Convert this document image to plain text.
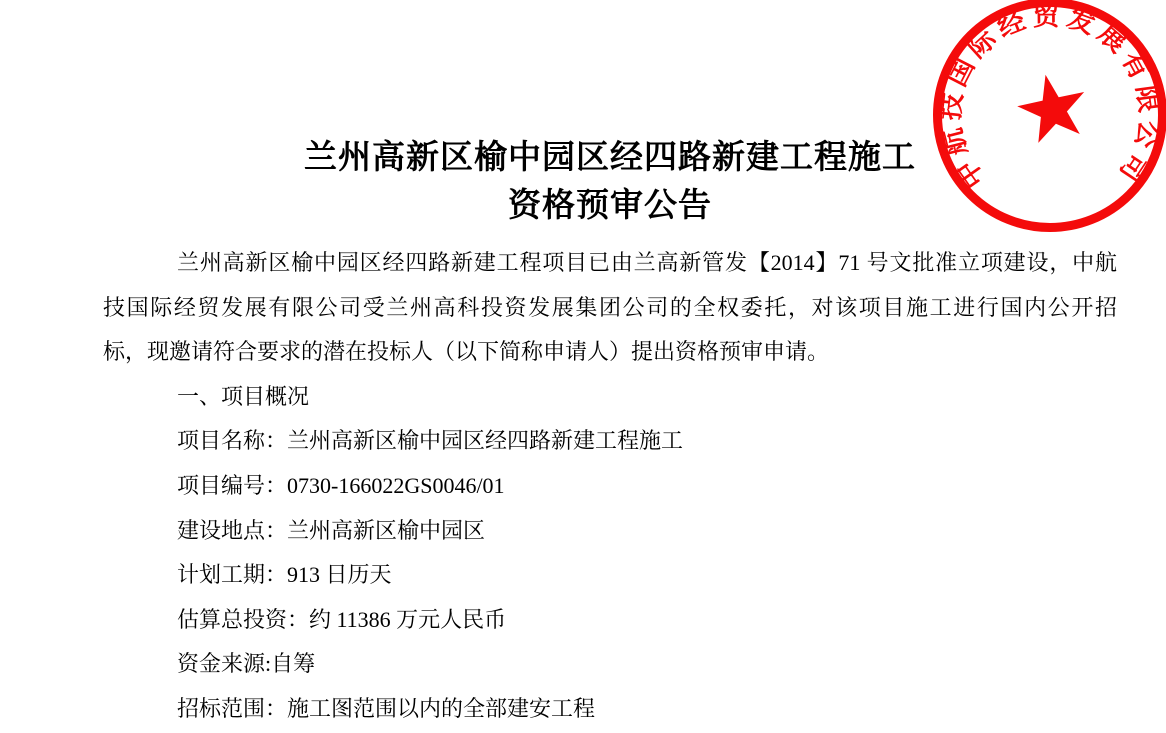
兰州高新区榆中园区经四路新建工程施工
资格预审公告
兰州高新区榆中园区经四路新建工程项目已由兰高新管发【2014】71 号文批准立项建设，中航
技国际经贸发展有限公司受兰州高科投资发展集团公司的全权委托，对该项目施工进行国内公开招
标，现邀请符合要求的潜在投标人（以下简称申请人）提出资格预审申请。
一、项目概况
项目名称：兰州高新区榆中园区经四路新建工程施工
项目编号：0730-166022GS0046/01
建设地点：兰州高新区榆中园区
计划工期：913 日历天
估算总投资：约 11386 万元人民币
资金来源:自筹
招标范围：施工图范围以内的全部建安工程
中航技国际经贸发展有限公司
